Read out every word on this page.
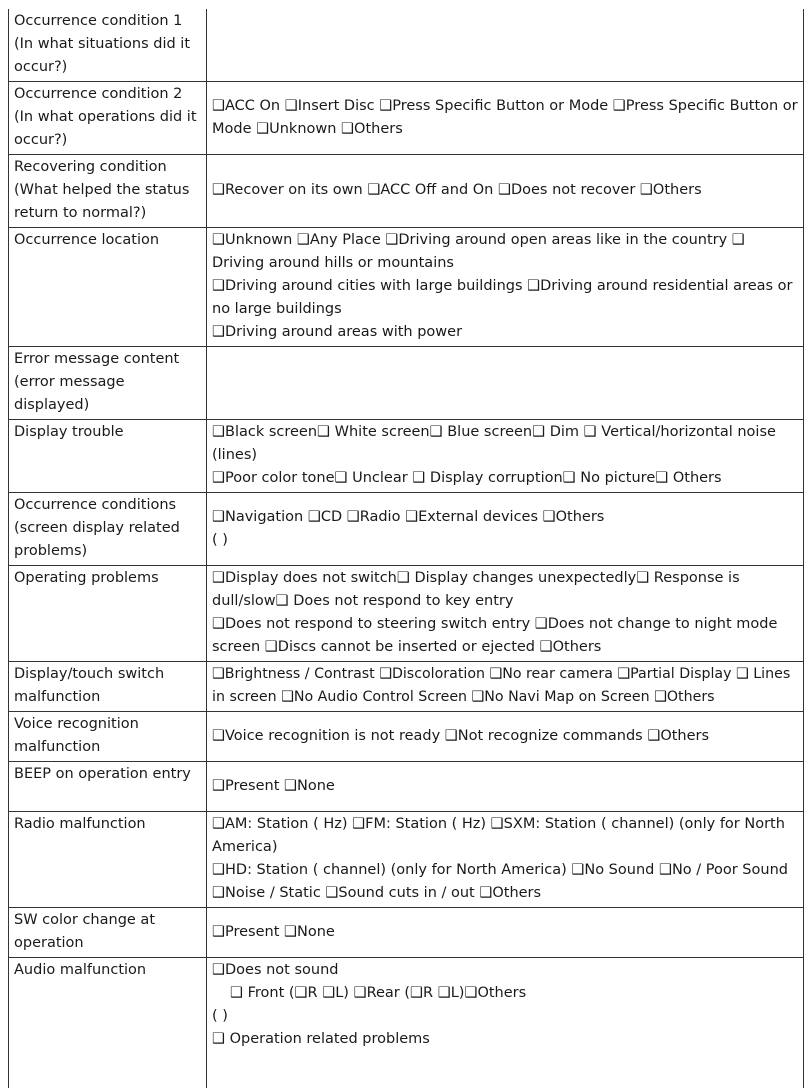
Occurrence condition 1 (In what situations did it occur?)	
Occurrence condition 2 (In what operations did it occur?)	❑ACC On ❑Insert Disc ❑Press Specific Button or Mode ❑Press Specific Button or Mode ❑Unknown ❑Others

Recovering condition (What helped the status return to normal?)	❑Recover on its own ❑ACC Off and On ❑Does not recover ❑Others

Occurrence location	❑Unknown ❑Any Place ❑Driving around open areas like in the country ❑ Driving around hills or mountains
❑Driving around cities with large buildings ❑Driving around residential areas or no large buildings
❑Driving around areas with power

Error message content (error message displayed)	
Display trouble	❑Black screen❑ White screen❑ Blue screen❑ Dim ❑ Vertical/horizontal noise (lines)
❑Poor color tone❑ Unclear ❑ Display corruption❑ No picture❑ Others

Occurrence conditions (screen display related problems)	❑Navigation ❑CD ❑Radio ❑External devices ❑Others
( )

Operating problems	❑Display does not switch❑ Display changes unexpectedly❑ Response is dull/slow❑ Does not respond to key entry
❑Does not respond to steering switch entry ❑Does not change to night mode screen ❑Discs cannot be inserted or ejected ❑Others

Display/touch switch malfunction	❑Brightness / Contrast ❑Discoloration ❑No rear camera ❑Partial Display ❑ Lines in screen ❑No Audio Control Screen ❑No Navi Map on Screen ❑Others

Voice recognition malfunction	❑Voice recognition is not ready ❑Not recognize commands ❑Others

BEEP on operation entry	❑Present ❑None

Radio malfunction	❑AM: Station ( Hz) ❑FM: Station ( Hz) ❑SXM: Station ( channel) (only for North America)
❑HD: Station ( channel) (only for North America) ❑No Sound ❑No / Poor Sound ❑Noise / Static ❑Sound cuts in / out ❑Others

SW color change at operation	❑Present ❑None

Audio malfunction	❑Does not sound
❑ Front (❑R ❑L) ❑Rear (❑R ❑L)❑Others
( )
❑ Operation related problems
